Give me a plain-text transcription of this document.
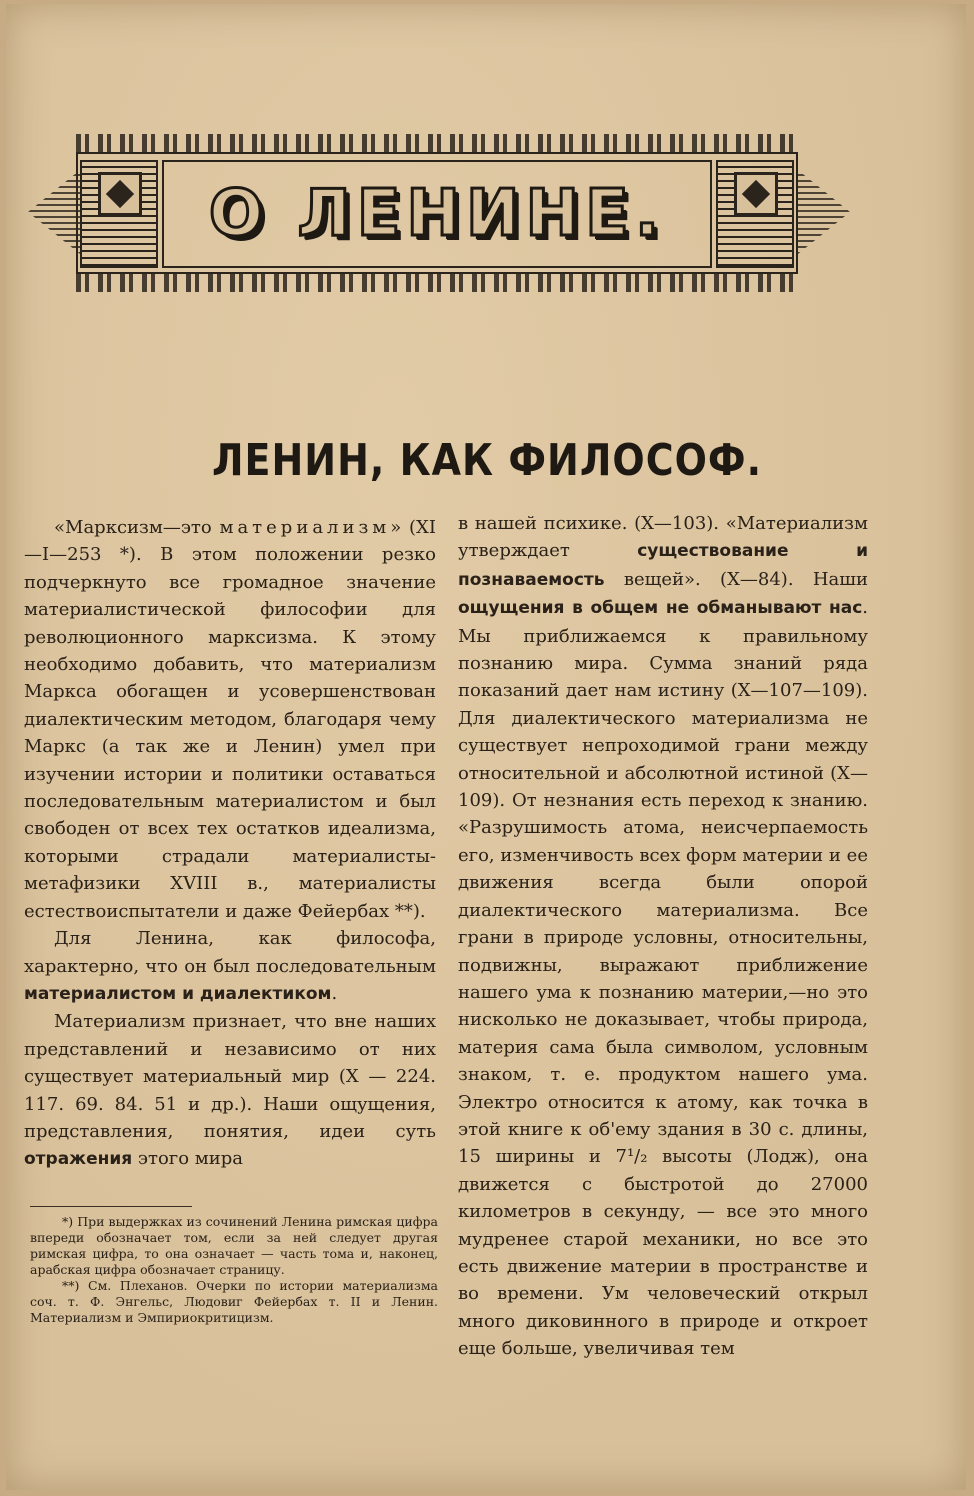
О ЛЕНИНЕ.
ЛЕНИН, КАК ФИЛОСОФ.

«Марксизм—это материализм» (XI—I—253 *). В этом положении резко подчеркнуто все громадное значение материалистической философии для революционного марксизма. К этому необходимо добавить, что материализм Маркса обогащен и усовершенствован диалектическим методом, благодаря чему Маркс (а так же и Ленин) умел при изучении истории и политики оставаться последовательным материалистом и был свободен от всех тех остатков идеализма, которыми страдали материалисты-метафизики XVIII в., материалисты естествоиспытатели и даже Фейербах **).

Для Ленина, как философа, характерно, что он был последовательным материалистом и диалектиком.

Материализм признает, что вне наших представлений и независимо от них существует материальный мир (X — 224. 117. 69. 84. 51 и др.). Наши ощущения, представления, понятия, идеи суть отражения этого мира

*) При выдержках из сочинений Ленина римская цифра впереди обозначает том, если за ней следует другая римская цифра, то она означает — часть тома и, наконец, арабская цифра обозначает страницу.

**) См. Плеханов. Очерки по истории материализма соч. т. Ф. Энгельс, Людовиг Фейербах т. II и Ленин. Материализм и Эмпириокритицизм.

в нашей психике. (X—103). «Материализм утверждает существование и познаваемость вещей». (X—84). Наши ощущения в общем не обманывают нас. Мы приближаемся к правильному познанию мира. Сумма знаний ряда показаний дает нам истину (X—107—109). Для диалектического материализма не существует непроходимой грани между относительной и абсолютной истиной (X—109). От незнания есть переход к знанию. «Разрушимость атома, неисчерпаемость его, изменчивость всех форм материи и ее движения всегда были опорой диалектического материализма. Все грани в природе условны, относительны, подвижны, выражают приближение нашего ума к познанию материи,—но это нисколько не доказывает, чтобы природа, материя сама была символом, условным знаком, т. е. продуктом нашего ума. Электро относится к атому, как точка в этой книге к об'ему здания в 30 с. длины, 15 ширины и 7¹/₂ высоты (Лодж), она движется с быстротой до 27000 километров в секунду, — все это много мудренее старой механики, но все это есть движение материи в пространстве и во времени. Ум человеческий открыл много диковинного в природе и откроет еще больше, увеличивая тем
